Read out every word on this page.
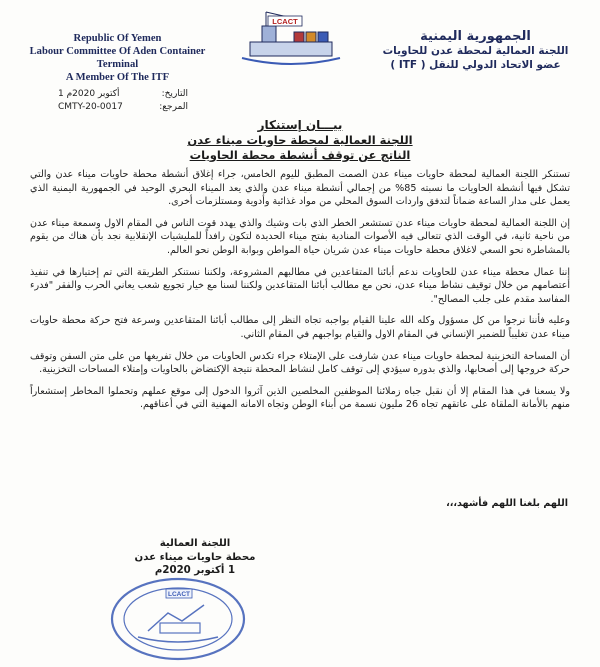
Republic Of Yemen
Labour Committee Of Aden Container Terminal
A Member Of The ITF
LCACT
الجمهورية اليمنية
اللجنة العمالية لمحطة عدن للحاويات
عضو الاتحاد الدولي للنقل ( ITF )
1 أكتوبر 2020م	التاريخ:
CMTY-20-0017	المرجع:
بيـــان إستنكار
اللجنة العمالية لمحطة حاويات ميناء عدن
الناتج عن توقف أنشطة محطة الحاويات

تستنكر اللجنة العمالية لمحطة حاويات ميناء عدن الصمت المطبق لليوم الخامس، جراء إغلاق أنشطة محطة حاويات ميناء عدن والتي تشكل فيها أنشطة الحاويات ما نسبته 85% من إجمالي أنشطة ميناء عدن والذي يعد الميناء البحري الوحيد في الجمهورية اليمنية الذي يعمل على مدار الساعة ضماناً لتدفق واردات السوق المحلي من مواد غذائية وأدوية ومستلزمات أخرى.

إن اللجنة العمالية لمحطة حاويات ميناء عدن تستشعر الخطر الذي بات وشيك والذي يهدد قوت الناس في المقام الاول وسمعة ميناء عدن من ناحية ثانية، في الوقت الذي تتعالى فيه الأصوات المنادية بفتح ميناء الحديدة لتكون رافداً للمليشيات الإنقلابية نجد بأن هناك من يقوم بالمشاطرة نحو السعي لاغلاق محطة حاويات ميناء عدن شريان حياة المواطن وبوابة الوطن نحو العالم.

إننا عمال محطة ميناء عدن للحاويات ندعم أبائنا المتقاعدين في مطالبهم المشروعة، ولكننا نستنكر الطريقة التي تم إختيارها في تنفيذ أعتصامهم من خلال توقيف نشاط ميناء عدن، نحن مع مطالب أبائنا المتقاعدين ولكننا لسنا مع خيار تجويع شعب يعاني الحرب والفقر "فدرء المفاسد مقدم على جلب المصالح".

وعليه فأننا نرجوا من كل مسؤول وكله الله علينا القيام بواجبه تجاه النظر إلى مطالب أبائنا المتقاعدين وسرعة فتح حركة محطة حاويات ميناء عدن تغليباً للضمير الإنساني في المقام الاول والقيام بواجبهم في المقام الثاني.

أن المساحة التخزينية لمحطة حاويات ميناء عدن شارفت على الإمتلاء جراء تكدس الحاويات من خلال تفريغها من على متن السفن وتوقف حركة خروجها إلى أصحابها، والذي بدوره سيؤدي إلى توقف كامل لنشاط المحطة نتيجة الإكتضاض بالحاويات وإمتلاء المساحات التخزينية.

ولا يسعنا في هذا المقام إلا أن نقبل جباه زملائنا الموظفين المخلصين الذين آثروا الدخول إلى موقع عملهم وتحملوا المخاطر إستشعاراً منهم بالأمانة الملقاة على عاتقهم تجاه 26 مليون نسمة من أبناء الوطن وتجاه الامانه المهنية التي في أعناقهم.

اللهم بلغنا اللهم فأشهد،،،
اللجنة العمالية
محطة حاويات ميناء عدن
1 أكتوبر 2020م
LCACT
